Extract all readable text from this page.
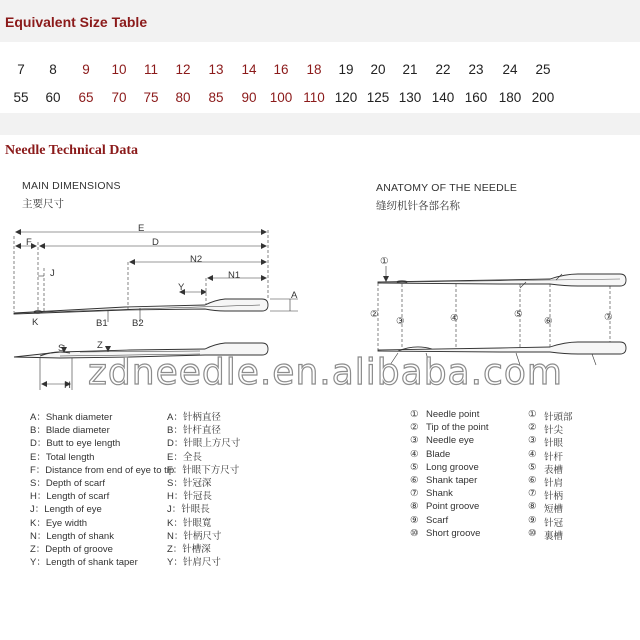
Equivalent Size Table
7 8 9 10 11 12 13 14 16 18 19 20 21 22 23 24 25
55 60 65 70 75 80 85 90 100 110 120 125 130 140 160 180 200
Needle Technical Data
MAIN DIMENSIONS
主要尺寸
ANATOMY OF THE NEEDLE
缝纫机针各部名称
E
D
F
J
N2
N1
Y
A
K	B1	B2
S	Z
H
①
②
③	④	⑤
⑥	⑦
zdneedle.en.alibaba.com
A：Shank diameter
B：Blade diameter
D：Butt to eye length
E：Total length
F：Distance from end of eye to tip
S：Depth of scarf
H：Length of scarf
J：Length of eye
K：Eye width
N：Length of shank
Z：Depth of groove
Y：Length of shank taper
A：针柄直径
B：针杆直径
D：针眼上方尺寸
E：全長
F：针眼下方尺寸
S：针冠深
H：针冠長
J：针眼長
K：针眼寬
N：针柄尺寸
Z：针槽深
Y：针肩尺寸
① Needle point
② Tip of the point
③ Needle eye
④ Blade
⑤ Long groove
⑥ Shank taper
⑦ Shank
⑧ Point groove
⑨ Scarf
⑩ Short groove
① 针頭部
② 针尖
③ 针眼
④ 针杆
⑤ 表槽
⑥ 针肩
⑦ 针柄
⑧ 短槽
⑨ 针冠
⑩ 裏槽
